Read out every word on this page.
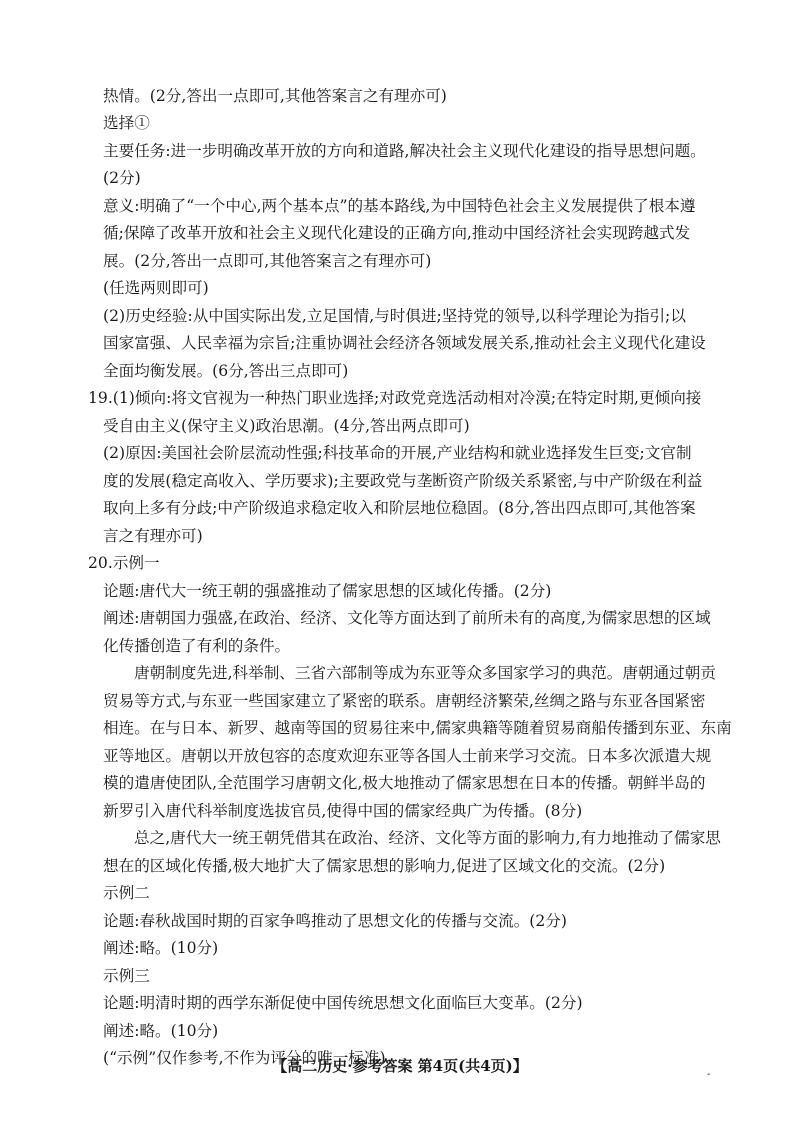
热情。(2分,答出一点即可,其他答案言之有理亦可)
选择①
主要任务:进一步明确改革开放的方向和道路,解决社会主义现代化建设的指导思想问题。
(2分)
意义:明确了“一个中心,两个基本点”的基本路线,为中国特色社会主义发展提供了根本遵
循;保障了改革开放和社会主义现代化建设的正确方向,推动中国经济社会实现跨越式发
展。(2分,答出一点即可,其他答案言之有理亦可)
(任选两则即可)
(2)历史经验:从中国实际出发,立足国情,与时俱进;坚持党的领导,以科学理论为指引;以
国家富强、人民幸福为宗旨;注重协调社会经济各领域发展关系,推动社会主义现代化建设
全面均衡发展。(6分,答出三点即可)
19.(1)倾向:将文官视为一种热门职业选择;对政党竞选活动相对冷漠;在特定时期,更倾向接
受自由主义(保守主义)政治思潮。(4分,答出两点即可)
(2)原因:美国社会阶层流动性强;科技革命的开展,产业结构和就业选择发生巨变;文官制
度的发展(稳定高收入、学历要求);主要政党与垄断资产阶级关系紧密,与中产阶级在利益
取向上多有分歧;中产阶级追求稳定收入和阶层地位稳固。(8分,答出四点即可,其他答案
言之有理亦可)
20.示例一
论题:唐代大一统王朝的强盛推动了儒家思想的区域化传播。(2分)
阐述:唐朝国力强盛,在政治、经济、文化等方面达到了前所未有的高度,为儒家思想的区域
化传播创造了有利的条件。
唐朝制度先进,科举制、三省六部制等成为东亚等众多国家学习的典范。唐朝通过朝贡
贸易等方式,与东亚一些国家建立了紧密的联系。唐朝经济繁荣,丝绸之路与东亚各国紧密
相连。在与日本、新罗、越南等国的贸易往来中,儒家典籍等随着贸易商船传播到东亚、东南
亚等地区。唐朝以开放包容的态度欢迎东亚等各国人士前来学习交流。日本多次派遣大规
模的遣唐使团队,全范围学习唐朝文化,极大地推动了儒家思想在日本的传播。朝鲜半岛的
新罗引入唐代科举制度选拔官员,使得中国的儒家经典广为传播。(8分)
总之,唐代大一统王朝凭借其在政治、经济、文化等方面的影响力,有力地推动了儒家思
想在的区域化传播,极大地扩大了儒家思想的影响力,促进了区域文化的交流。(2分)
示例二
论题:春秋战国时期的百家争鸣推动了思想文化的传播与交流。(2分)
阐述:略。(10分)
示例三
论题:明清时期的西学东渐促使中国传统思想文化面临巨大变革。(2分)
阐述:略。(10分)
(“示例”仅作参考,不作为评分的唯一标准)
【高二历史·参考答案 第4页(共4页)】	-
